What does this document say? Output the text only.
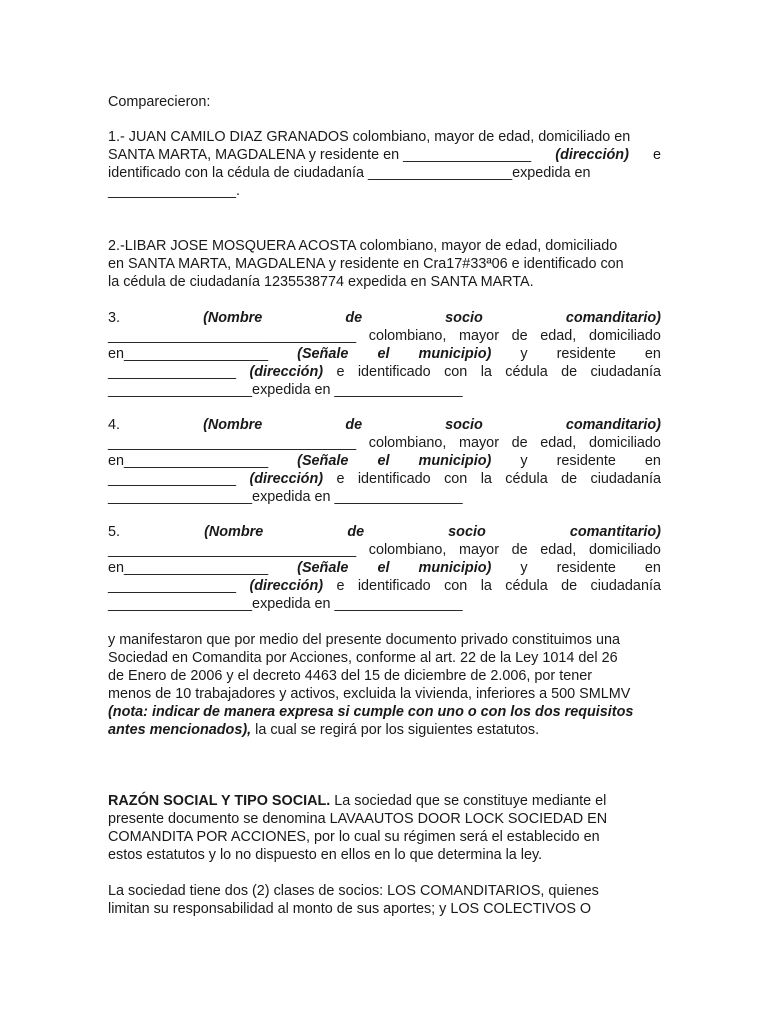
Comparecieron:
1.- JUAN CAMILO DIAZ GRANADOS colombiano, mayor de edad, domiciliado en
SANTA MARTA, MAGDALENA y residente en ________________ (dirección) e
identificado con la cédula de ciudadanía __________________expedida en
________________.
2.-LIBAR JOSE MOSQUERA ACOSTA colombiano, mayor de edad, domiciliado
en SANTA MARTA, MAGDALENA y residente en Cra17#33ª06 e identificado con
la cédula de ciudadanía 1235538774 expedida en SANTA MARTA.
3.	(Nombre	de	socio	comanditario)
_______________________________ colombiano, mayor de edad, domiciliado
en__________________ (Señale el municipio) y residente en
________________ (dirección) e identificado con la cédula de ciudadanía
__________________expedida en ________________
4.	(Nombre	de	socio	comanditario)
_______________________________ colombiano, mayor de edad, domiciliado
en__________________ (Señale el municipio) y residente en
________________ (dirección) e identificado con la cédula de ciudadanía
__________________expedida en ________________
5.	(Nombre	de	socio	comantitario)
_______________________________ colombiano, mayor de edad, domiciliado
en__________________ (Señale el municipio) y residente en
________________ (dirección) e identificado con la cédula de ciudadanía
__________________expedida en ________________
y manifestaron que por medio del presente documento privado constituimos una
Sociedad en Comandita por Acciones, conforme al art. 22 de la Ley 1014 del 26
de Enero de 2006 y el decreto 4463 del 15 de diciembre de 2.006, por tener
menos de 10 trabajadores y activos, excluida la vivienda, inferiores a 500 SMLMV
(nota: indicar de manera expresa si cumple con uno o con los dos requisitos
antes mencionados), la cual se regirá por los siguientes estatutos.
RAZÓN SOCIAL Y TIPO SOCIAL. La sociedad que se constituye mediante el
presente documento se denomina LAVAAUTOS DOOR LOCK SOCIEDAD EN
COMANDITA POR ACCIONES, por lo cual su régimen será el establecido en
estos estatutos y lo no dispuesto en ellos en lo que determina la ley.
La sociedad tiene dos (2) clases de socios: LOS COMANDITARIOS, quienes
limitan su responsabilidad al monto de sus aportes; y LOS COLECTIVOS O
